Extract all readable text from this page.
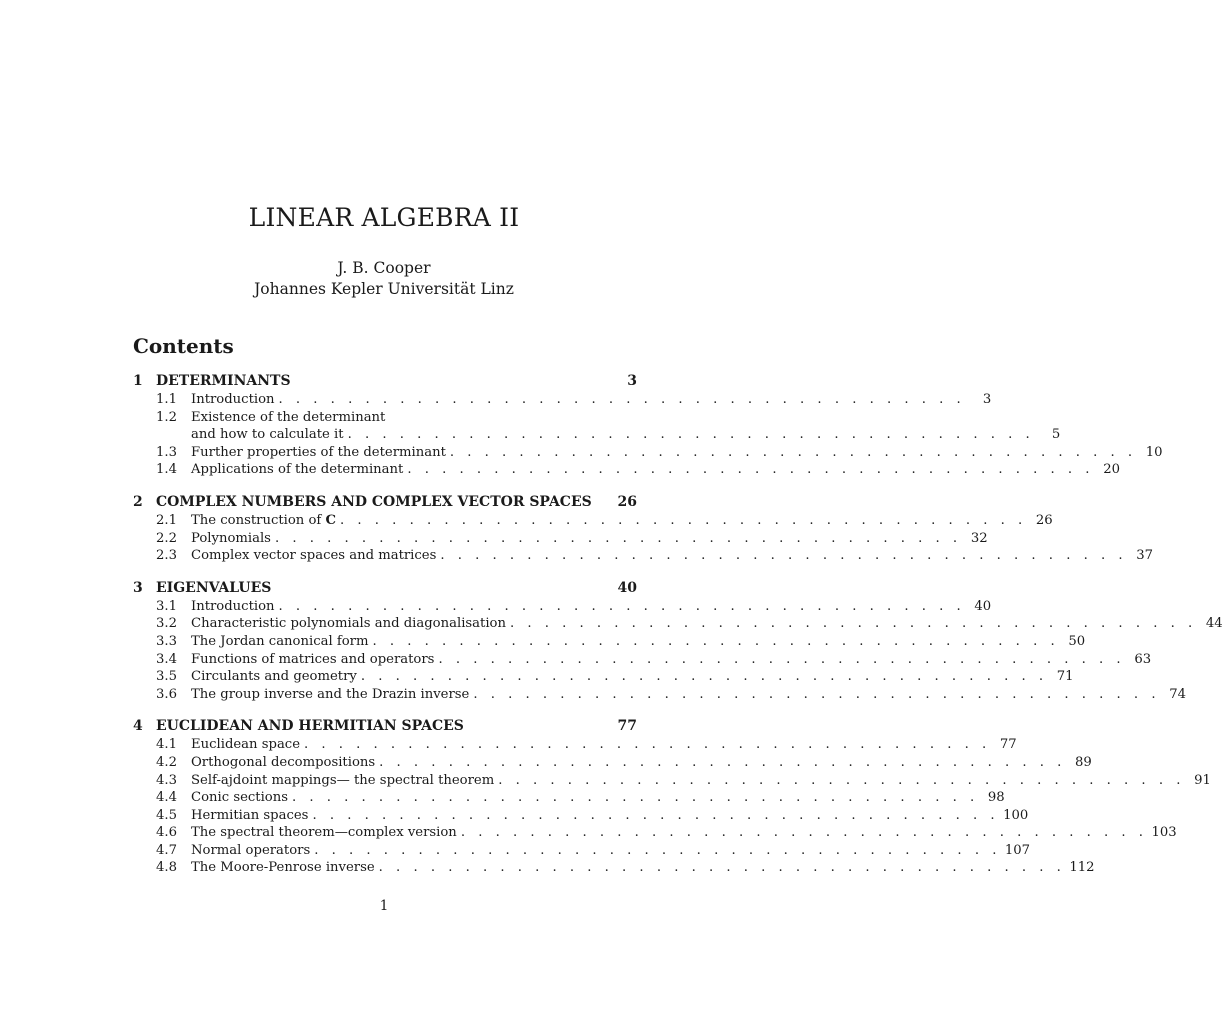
LINEAR ALGEBRA II
J. B. Cooper
Johannes Kepler Universität Linz
Contents
1 DETERMINANTS	3
1.1	Introduction . . . . . . . . . . . . . . . . . . . . . . . . . . . . . . . . . . . . . . . .	3
1.2	Existence of the determinant
and how to calculate it . . . . . . . . . . . . . . . . . . . . . . . . . . . . . . . . . . . . . . . .	5
1.3	Further properties of the determinant . . . . . . . . . . . . . . . . . . . . . . . . . . . . . . . . . . . . . . . . 10
1.4	Applications of the determinant . . . . . . . . . . . . . . . . . . . . . . . . . . . . . . . . . . . . . . . . 20
2 COMPLEX NUMBERS AND COMPLEX VECTOR SPACES	26
2.1	The construction of C . . . . . . . . . . . . . . . . . . . . . . . . . . . . . . . . . . . . . . . . 26
2.2	Polynomials . . . . . . . . . . . . . . . . . . . . . . . . . . . . . . . . . . . . . . . . 32
2.3	Complex vector spaces and matrices . . . . . . . . . . . . . . . . . . . . . . . . . . . . . . . . . . . . . . . . 37
3 EIGENVALUES	40
3.1	Introduction . . . . . . . . . . . . . . . . . . . . . . . . . . . . . . . . . . . . . . . . 40
3.2	Characteristic polynomials and diagonalisation . . . . . . . . . . . . . . . . . . . . . . . . . . . . . . . . . . . . . . . . 44
3.3	The Jordan canonical form . . . . . . . . . . . . . . . . . . . . . . . . . . . . . . . . . . . . . . . . 50
3.4	Functions of matrices and operators . . . . . . . . . . . . . . . . . . . . . . . . . . . . . . . . . . . . . . . . 63
3.5	Circulants and geometry . . . . . . . . . . . . . . . . . . . . . . . . . . . . . . . . . . . . . . . . 71
3.6	The group inverse and the Drazin inverse . . . . . . . . . . . . . . . . . . . . . . . . . . . . . . . . . . . . . . . . 74
4 EUCLIDEAN AND HERMITIAN SPACES	77
4.1	Euclidean space . . . . . . . . . . . . . . . . . . . . . . . . . . . . . . . . . . . . . . . . 77
4.2	Orthogonal decompositions . . . . . . . . . . . . . . . . . . . . . . . . . . . . . . . . . . . . . . . . 89
4.3	Self-ajdoint mappings— the spectral theorem . . . . . . . . . . . . . . . . . . . . . . . . . . . . . . . . . . . . . . . . 91
4.4	Conic sections . . . . . . . . . . . . . . . . . . . . . . . . . . . . . . . . . . . . . . . . 98
4.5	Hermitian spaces . . . . . . . . . . . . . . . . . . . . . . . . . . . . . . . . . . . . . . . . 100
4.6	The spectral theorem—complex version . . . . . . . . . . . . . . . . . . . . . . . . . . . . . . . . . . . . . . . . 103
4.7	Normal operators . . . . . . . . . . . . . . . . . . . . . . . . . . . . . . . . . . . . . . . . 107
4.8	The Moore-Penrose inverse . . . . . . . . . . . . . . . . . . . . . . . . . . . . . . . . . . . . . . . . 112
1
